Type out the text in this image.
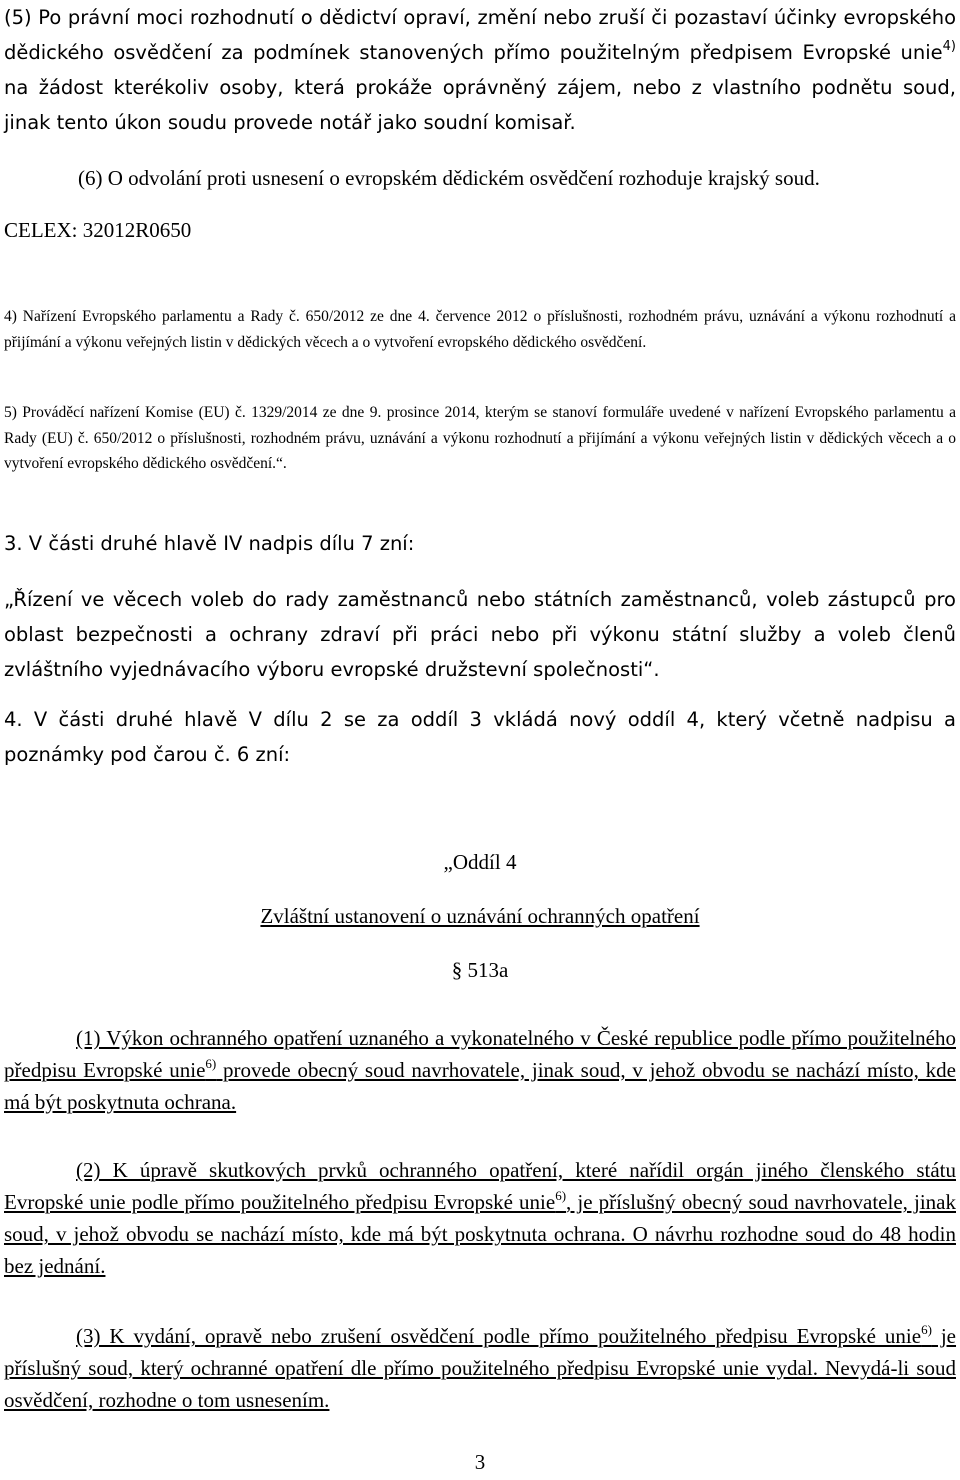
(5) Po právní moci rozhodnutí o dědictví opraví, změní nebo zruší či pozastaví účinky evropského dědického osvědčení za podmínek stanovených přímo použitelným předpisem Evropské unie$^{4)}$ na žádost kterékoliv osoby, která prokáže oprávněný zájem, nebo z vlastního podnětu soud, jinak tento úkon soudu provede notář jako soudní komisař.

(6) O odvolání proti usnesení o evropském dědickém osvědčení rozhoduje krajský soud.

CELEX: 32012R0650

4) Nařízení Evropského parlamentu a Rady č. 650/2012 ze dne 4. července 2012 o příslušnosti, rozhodném právu, uznávání a výkonu rozhodnutí a přijímání a výkonu veřejných listin v dědických věcech a o vytvoření evropského dědického osvědčení.

5) Prováděcí nařízení Komise (EU) č. 1329/2014 ze dne 9. prosince 2014, kterým se stanoví formuláře uvedené v nařízení Evropského parlamentu a Rady (EU) č. 650/2012 o příslušnosti, rozhodném právu, uznávání a výkonu rozhodnutí a přijímání a výkonu veřejných listin v dědických věcech a o vytvoření evropského dědického osvědčení.“.

3. V části druhé hlavě IV nadpis dílu 7 zní:

„Řízení ve věcech voleb do rady zaměstnanců nebo státních zaměstnanců, voleb zástupců pro oblast bezpečnosti a ochrany zdraví při práci nebo při výkonu státní služby a voleb členů zvláštního vyjednávacího výboru evropské družstevní společnosti“.

4. V části druhé hlavě V dílu 2 se za oddíl 3 vkládá nový oddíl 4, který včetně nadpisu a poznámky pod čarou č. 6 zní:

„Oddíl 4

Zvláštní ustanovení o uznávání ochranných opatření

§ 513a

(1) Výkon ochranného opatření uznaného a vykonatelného v České republice podle přímo použitelného předpisu Evropské unie$^{6)}$ provede obecný soud navrhovatele, jinak soud, v jehož obvodu se nachází místo, kde má být poskytnuta ochrana.

(2) K úpravě skutkových prvků ochranného opatření, které nařídil orgán jiného členského státu Evropské unie podle přímo použitelného předpisu Evropské unie$^{6)}$, je příslušný obecný soud navrhovatele, jinak soud, v jehož obvodu se nachází místo, kde má být poskytnuta ochrana. O návrhu rozhodne soud do 48 hodin bez jednání.

(3) K vydání, opravě nebo zrušení osvědčení podle přímo použitelného předpisu Evropské unie$^{6)}$ je příslušný soud, který ochranné opatření dle přímo použitelného předpisu Evropské unie vydal. Nevydá-li soud osvědčení, rozhodne o tom usnesením.

3
